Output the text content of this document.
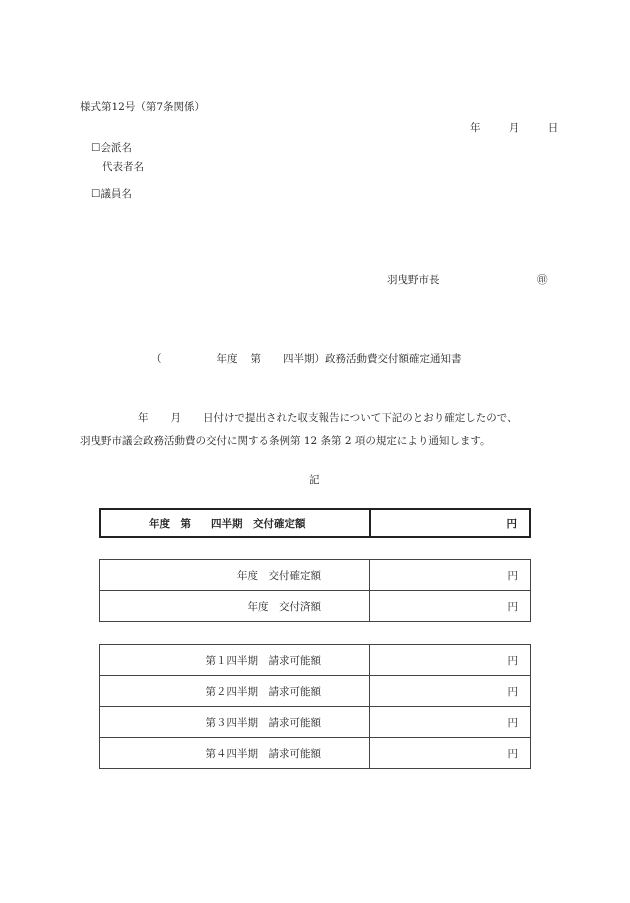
様式第12号（第7条関係）
年	月	日
☐会派名
代表者名
☐議員名
羽曳野市長	㊞
（	年度 第 四半期）政務活動費交付額確定通知書
年 月 日付けで提出された収支報告について下記のとおり確定したので、
羽曳野市議会政務活動費の交付に関する条例第 12 条第 2 項の規定により通知します。
記
年度　第 四半期　交付確定額	円
年度　交付確定額	円
年度　交付済額	円
第１四半期　請求可能額	円
第２四半期　請求可能額	円
第３四半期　請求可能額	円
第４四半期　請求可能額	円
